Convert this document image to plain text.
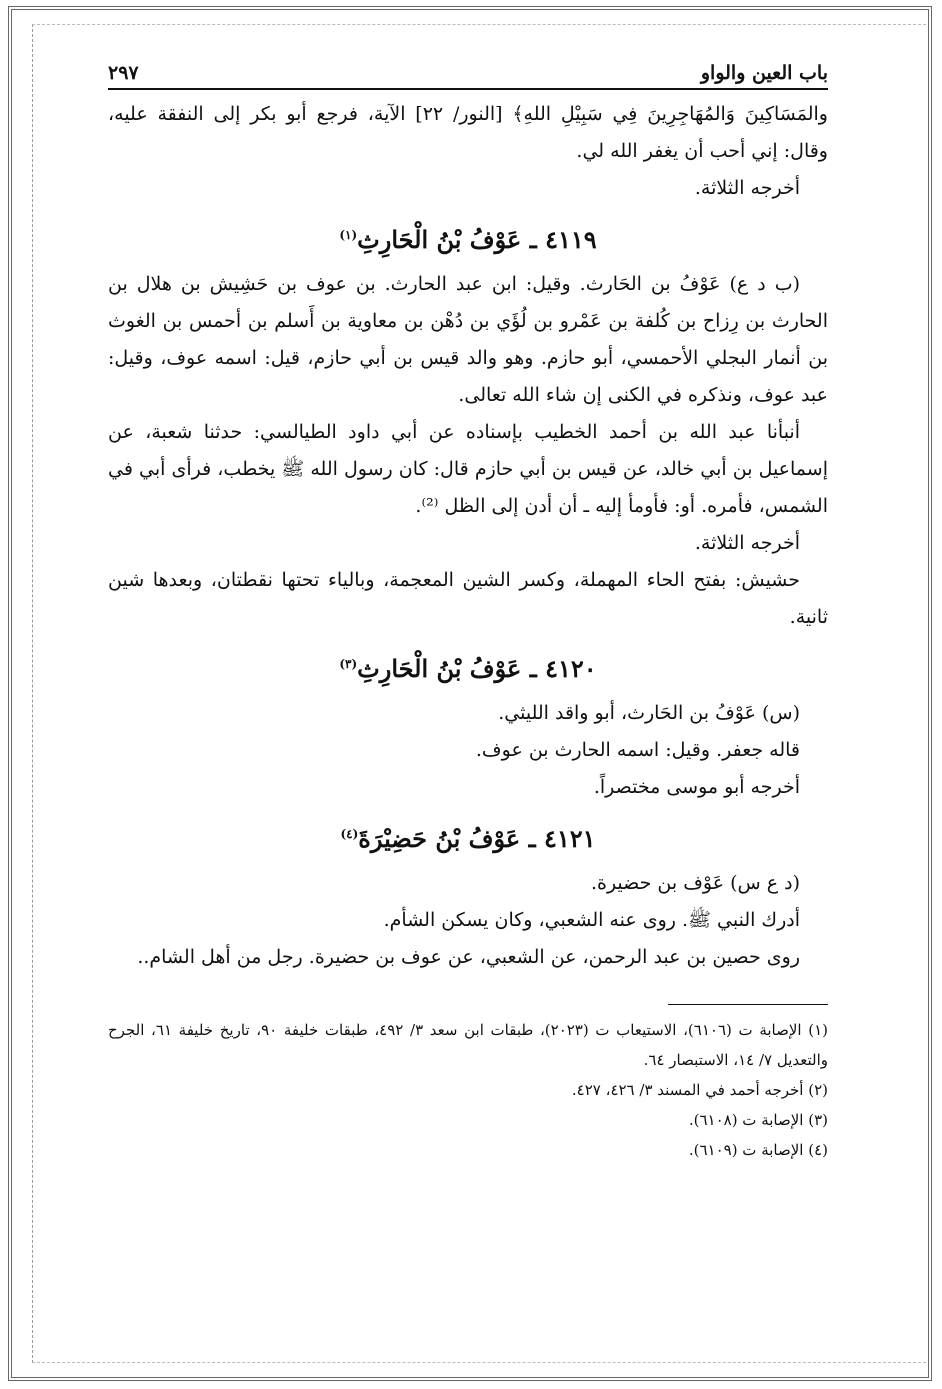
باب العين والواو
٢٩٧

والمَسَاكِينَ وَالمُهَاجِرِينَ فِي سَبِيْلِ اللهِ﴾ [النور/ ٢٢] الآية، فرجع أبو بكر إلى النفقة عليه، وقال: إني أحب أن يغفر الله لي.

أخرجه الثلاثة.

٤١١٩ ـ عَوْفُ بْنُ الْحَارِثِ$^{(١)}$

(ب د ع) عَوْفُ بن الحَارث. وقيل: ابن عبد الحارث. بن عوف بن حَشِيش بن هلال بن الحارث بن رِزاح بن كُلفة بن عَمْرو بن لُؤَي بن دُهْن بن معاوية بن أَسلم بن أحمس بن الغوث بن أنمار البجلي الأحمسي، أبو حازم. وهو والد قيس بن أبي حازم، قيل: اسمه عوف، وقيل: عبد عوف، ونذكره في الكنى إن شاء الله تعالى.

أنبأنا عبد الله بن أحمد الخطيب بإسناده عن أبي داود الطيالسي: حدثنا شعبة، عن إسماعيل بن أبي خالد، عن قيس بن أبي حازم قال: كان رسول الله ﷺ يخطب، فرأى أبي في الشمس، فأمره. أو: فأومأ إليه ـ أن أدن إلى الظل ⁽²⁾.

أخرجه الثلاثة.

حشيش: بفتح الحاء المهملة، وكسر الشين المعجمة، وبالياء تحتها نقطتان، وبعدها شين ثانية.

٤١٢٠ ـ عَوْفُ بْنُ الْحَارِثِ$^{(٣)}$

(س) عَوْفُ بن الحَارث، أبو واقد الليثي.

قاله جعفر. وقيل: اسمه الحارث بن عوف.

أخرجه أبو موسى مختصراً.

٤١٢١ ـ عَوْفُ بْنُ حَضِيْرَةَ$^{(٤)}$

(د ع س) عَوْف بن حضيرة.

أدرك النبي ﷺ. روى عنه الشعبي، وكان يسكن الشأم.

روى حصين بن عبد الرحمن، عن الشعبي، عن عوف بن حضيرة. رجل من أهل الشام..

(١) الإصابة ت (٦١٠٦)، الاستيعاب ت (٢٠٢٣)، طبقات ابن سعد ٣/ ٤٩٢، طبقات خليفة ٩٠، تاريخ خليفة ٦١، الجرح والتعديل ٧/ ١٤، الاستبصار ٦٤.

(٢) أخرجه أحمد في المسند ٣/ ٤٢٦، ٤٢٧.

(٣) الإصابة ت (٦١٠٨).

(٤) الإصابة ت (٦١٠٩).
